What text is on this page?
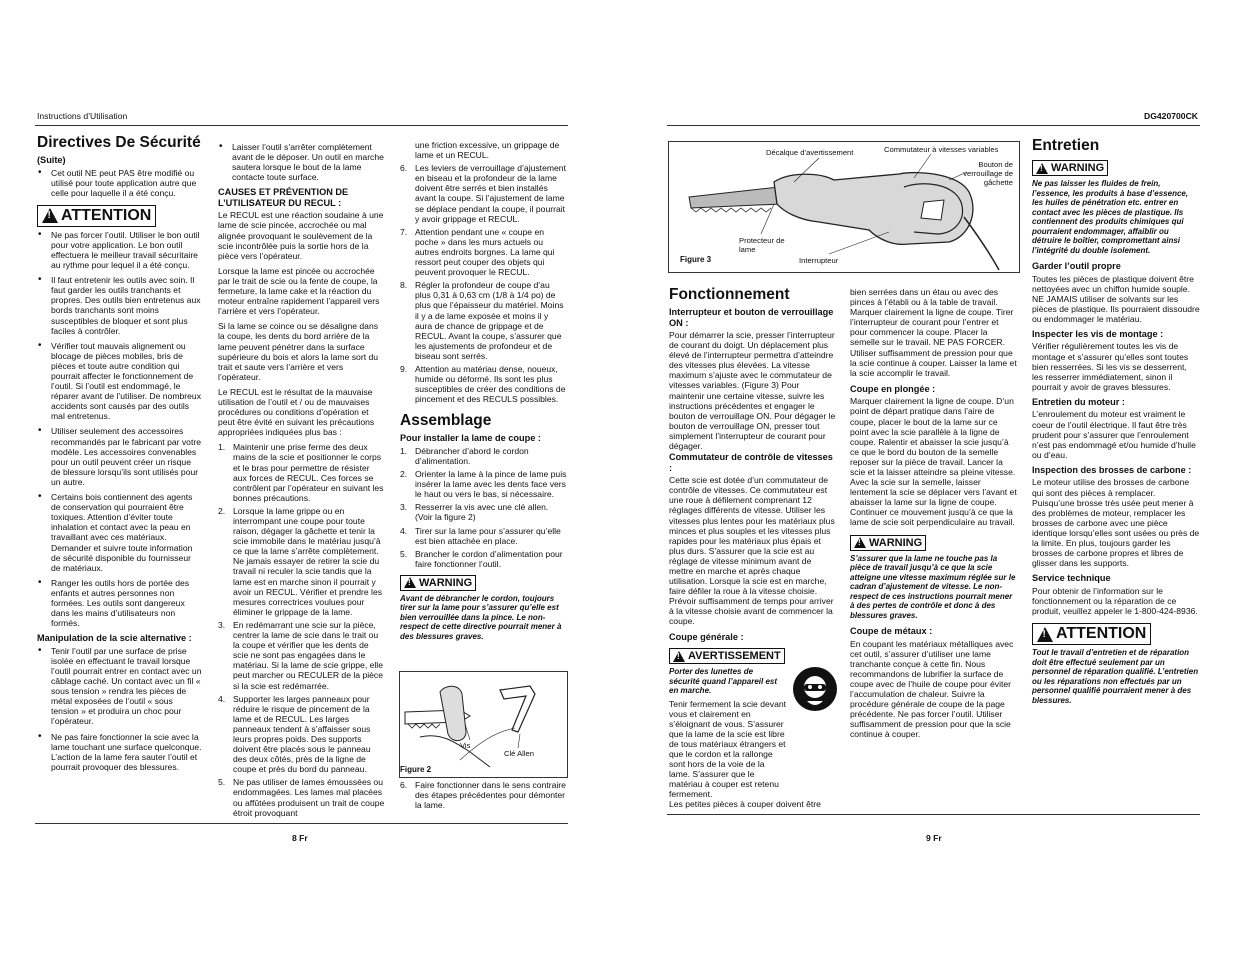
Instructions d’Utilisation	DG420700CK
8 Fr	9 Fr
Directives De Sécurité
(Suite)
• Cet outil NE peut PAS être modifié ou utilisé pour toute application autre que celle pour laquelle il a été conçu.
!
ATTENTION
• Ne pas forcer l’outil. Utiliser le bon outil pour votre application. Le bon outil effectuera le meilleur travail sécuritaire au rythme pour lequel il a été conçu.
• Il faut entretenir les outils avec soin. Il faut garder les outils tranchants et propres. Des outils bien entretenus aux bords tranchants sont moins susceptibles de bloquer et sont plus faciles à contrôler.
• Vérifier tout mauvais alignement ou blocage de pièces mobiles, bris de pièces et toute autre condition qui pourrait affecter le fonctionnement de l’outil. Si l’outil est endommagé, le réparer avant de l’utiliser. De nombreux accidents sont causés par des outils mal entretenus.
• Utiliser seulement des accessoires recommandés par le fabricant par votre modèle. Les accessoires convenables pour un outil peuvent créer un risque de blessure lorsqu’ils sont utilisés pour un autre.
• Certains bois contiennent des agents de conservation qui pourraient être toxiques. Attention d’éviter toute inhalation et contact avec la peau en travaillant avec ces matériaux. Demander et suivre toute information de sécurité disponible du fournisseur de matériaux.
• Ranger les outils hors de portée des enfants et autres personnes non formées. Les outils sont dangereux dans les mains d’utilisateurs non formés.
Manipulation de la scie alternative :
• Tenir l’outil par une surface de prise isolée en effectuant le travail lorsque l’outil pourrait entrer en contact avec un câblage caché. Un contact avec un fil « sous tension » rendra les pièces de métal exposées de l’outil « sous tension » et produira un choc pour l’opérateur.
• Ne pas faire fonctionner la scie avec la lame touchant une surface quelconque. L’action de la lame fera sauter l’outil et pourrait provoquer des blessures.
• Laisser l’outil s’arrêter complètement avant de le déposer. Un outil en marche sautera lorsque le bout de la lame contacte toute surface.
CAUSES ET PRÉVENTION DE L’UTILISATEUR DU RECUL :

Le RECUL est une réaction soudaine à une lame de scie pincée, accrochée ou mal alignée provoquant le soulèvement de la scie incontrôlée puis la sortie hors de la pièce vers l’opérateur.

Lorsque la lame est pincée ou accrochée par le trait de scie ou la fente de coupe, la fermeture, la lame cake et la réaction du moteur entraîne rapidement l’appareil vers l’arrière et vers l’opérateur.

Si la lame se coince ou se désaligne dans la coupe, les dents du bord arrière de la lame peuvent pénétrer dans la surface supérieure du bois et alors la lame sort du trait et saute vers l’arrière et vers l’opérateur.

Le RECUL est le résultat de la mauvaise utilisation de l’outil et / ou de mauvaises procédures ou conditions d’opération et peut être évité en suivant les précautions appropriées indiquées plus bas :

1. Maintenir une prise ferme des deux mains de la scie et positionner le corps et le bras pour permettre de résister aux forces de RECUL. Ces forces se contrôlent par l’opérateur en suivant les bonnes précautions.
2. Lorsque la lame grippe ou en interrompant une coupe pour toute raison, dégager la gâchette et tenir la scie immobile dans le matériau jusqu’à ce que la lame s’arrête complètement. Ne jamais essayer de retirer la scie du travail ni reculer la scie tandis que la lame est en marche sinon il pourrait y avoir un RECUL. Vérifier et prendre les mesures correctrices voulues pour éliminer le grippage de la lame.
3. En redémarrant une scie sur la pièce, centrer la lame de scie dans le trait ou la coupe et vérifier que les dents de scie ne sont pas engagées dans le matériau. Si la lame de scie grippe, elle peut marcher ou RECULER de la pièce si la scie est redémarrée.
4. Supporter les larges panneaux pour réduire le risque de pincement de la lame et de RECUL. Les larges panneaux tendent à s’affaisser sous leurs propres poids. Des supports doivent être placés sous le panneau des deux côtés, près de la ligne de coupe et près du bord du panneau.
5. Ne pas utiliser de lames émoussées ou endommagées. Les lames mal placées ou affûtées produisent un trait de coupe étroit provoquant

une friction excessive, un grippage de lame et un RECUL.

6. Les leviers de verrouillage d’ajustement en biseau et la profondeur de la lame doivent être serrés et bien installés avant la coupe. Si l’ajustement de lame se déplace pendant la coupe, il pourrait y avoir grippage et RECUL.
7. Attention pendant une « coupe en poche » dans les murs actuels ou autres endroits borgnes. La lame qui ressort peut couper des objets qui peuvent provoquer le RECUL.
8. Régler la profondeur de coupe d’au plus 0,31 à 0,63 cm (1/8 à 1/4 po) de plus que l’épaisseur du matériel. Moins il y a de lame exposée et moins il y aura de chance de grippage et de RECUL. Avant la coupe, s’assurer que les ajustements de profondeur et de biseau sont serrés.
9. Attention au matériau dense, noueux, humide ou déformé. Ils sont les plus susceptibles de créer des conditions de pincement et des RECULS possibles.
Assemblage
Pour installer la lame de coupe :
1. Débrancher d’abord le cordon d’alimentation.
2. Orienter la lame à la pince de lame puis insérer la lame avec les dents face vers le haut ou vers le bas, si nécessaire.
3. Resserrer la vis avec une clé allen. (Voir la figure 2)
4. Tirer sur la lame pour s’assurer qu’elle est bien attachée en place.
5. Brancher le cordon d’alimentation pour faire fonctionner l’outil.
!
WARNING
Avant de débrancher le cordon, toujours tirer sur la lame pour s’assurer qu’elle est bien verrouillée dans la pince. Le non-respect de cette directive pourrait mener à des blessures graves.
Vis
Clé Allen
Figure 2
6. Faire fonctionner dans le sens contraire des étapes précédentes pour démonter la lame.
Décalque d’avertissement	Commutateur à vitesses variables
Bouton de verrouillage de gâchette
Protecteur de lame
Interrupteur
Figure 3
Fonctionnement
Interrupteur et bouton de verrouillage ON :

Pour démarrer la scie, presser l’interrupteur de courant du doigt. Un déplacement plus élevé de l’interrupteur permettra d’atteindre des vitesses plus élevées. La vitesse maximum s’ajuste avec le commutateur de vitesses variables. (Figure 3) Pour maintenir une certaine vitesse, suivre les instructions précédentes et engager le bouton de verrouillage ON. Pour dégager le bouton de verrouillage ON, presser tout simplement l’interrupteur de courant pour dégager.

Commutateur de contrôle de vitesses :

Cette scie est dotée d’un commutateur de contrôle de vitesses. Ce commutateur est une roue à défilement comprenant 12 réglages différents de vitesse. Utiliser les vitesses plus lentes pour les matériaux plus minces et plus souples et les vitesses plus rapides pour les matériaux plus épais et plus durs. S’assurer que la scie est au réglage de vitesse minimum avant de mettre en marche et après chaque utilisation. Lorsque la scie est en marche, faire défiler la roue à la vitesse choisie. Prévoir suffisamment de temps pour arriver à la vitesse choisie avant de commencer la coupe.

Coupe générale :
!
AVERTISSEMENT
Porter des lunettes de sécurité quand l’appareil est en marche.

Tenir fermement la scie devant vous et clairement en s’éloignant de vous. S’assurer que la lame de la scie est libre de tous matériaux étrangers et que le cordon et la rallonge sont hors de la voie de la lame. S’assurer que le matériau à couper est retenu fermement.

Les petites pièces à couper doivent être

bien serrées dans un étau ou avec des pinces à l’établi ou à la table de travail. Marquer clairement la ligne de coupe. Tirer l’interrupteur de courant pour l’entrer et pour commencer la coupe. Placer la semelle sur le travail. NE PAS FORCER. Utiliser suffisamment de pression pour que la scie continue à couper. Laisser la lame et la scie accomplir le travail.

Coupe en plongée :

Marquer clairement la ligne de coupe. D’un point de départ pratique dans l’aire de coupe, placer le bout de la lame sur ce point avec la scie parallèle à la ligne de coupe. Ralentir et abaisser la scie jusqu’à ce que le bord du bouton de la semelle reposer sur la pièce de travail. Lancer la scie et la laisser atteindre sa pleine vitesse. Avec la scie sur la semelle, laisser lentement la scie se déplacer vers l’avant et abaisser la lame sur la ligne de coupe. Continuer ce mouvement jusqu’à ce que la lame de scie soit perpendiculaire au travail.

!
WARNING
S’assurer que la lame ne touche pas la pièce de travail jusqu’à ce que la scie atteigne une vitesse maximum réglée sur le cadran d’ajustement de vitesse. Le non-respect de ces instructions pourrait mener à des pertes de contrôle et donc à des blessures graves.
Coupe de métaux :

En coupant les matériaux métalliques avec cet outil, s’assurer d’utiliser une lame tranchante conçue à cette fin. Nous recommandons de lubrifier la surface de coupe avec de l’huile de coupe pour éviter l’accumulation de chaleur. Suivre la procédure générale de coupe de la page précédente. Ne pas forcer l’outil. Utiliser suffisamment de pression pour que la scie continue à couper.

Entretien
!
WARNING
Ne pas laisser les fluides de frein, l’essence, les produits à base d’essence, les huiles de pénétration etc. entrer en contact avec les pièces de plastique. Ils contiennent des produits chimiques qui pourraient endommager, affaiblir ou détruire le boîtier, compromettant ainsi l’intégrité du double isolement.
Garder l’outil propre

Toutes les pièces de plastique doivent être nettoyées avec un chiffon humide souple. NE JAMAIS utiliser de solvants sur les pièces de plastique. Ils pourraient dissoudre ou endommager le matériau.

Inspecter les vis de montage :

Vérifier régulièrement toutes les vis de montage et s’assurer qu’elles sont toutes bien resserrées. Si les vis se desserrent, les resserrer immédiatement, sinon il pourrait y avoir de graves blessures.

Entretien du moteur :

L’enroulement du moteur est vraiment le coeur de l’outil électrique. Il faut être très prudent pour s’assurer que l’enroulement n’est pas endommagé et/ou humide d’huile ou d’eau.

Inspection des brosses de carbone :

Le moteur utilise des brosses de carbone qui sont des pièces à remplacer. Puisqu’une brosse très usée peut mener à des problèmes de moteur, remplacer les brosses de carbone avec une pièce identique lorsqu’elles sont usées ou près de la limite. En plus, toujours garder les brosses de carbone propres et libres de glisser dans les supports.

Service technique

Pour obtenir de l’information sur le fonctionnement ou la réparation de ce produit, veuillez appeler le 1-800-424-8936.

!
ATTENTION
Tout le travail d’entretien et de réparation doit être effectué seulement par un personnel de réparation qualifié. L’entretien ou les réparations non effectués par un personnel qualifié pourraient mener à des blessures.
